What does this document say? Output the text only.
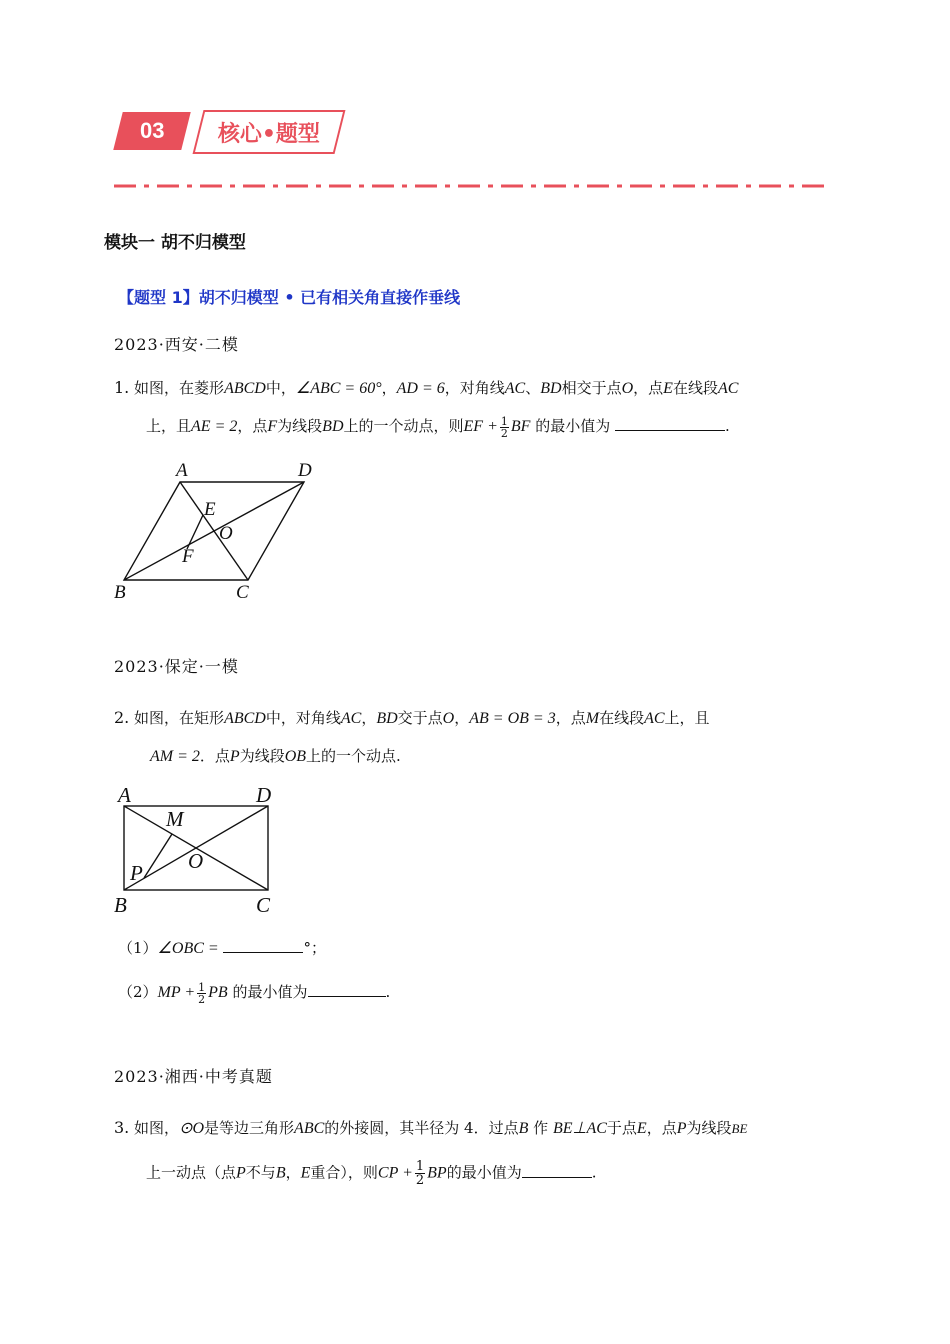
03 核心•题型
模块一 胡不归模型
【题型 1】胡不归模型 • 已有相关角直接作垂线
2023·西安·二模
1. 如图，在菱形ABCD中，∠ABC = 60°，AD = 6，对角线AC、BD相交于点O，点E在线段AC
上，且AE = 2，点F为线段BD上的一个动点，则EF + $\frac{1}{2}$ BF 的最小值为	.
A	D
B	C
E
O
F
2023·保定·一模
2. 如图，在矩形ABCD中，对角线AC，BD交于点O，AB = OB = 3，点M在线段AC上，且
AM = 2．点P为线段OB上的一个动点.
A	D
B	C
M
O
P
（1）∠OBC =	°；
$(2)MP + \frac{1}{2}$ PB 的最小值为	.
2023·湘西·中考真题
3. 如图，⊙O是等边三角形ABC的外接圆，其半径为 4．过点B 作 BE⊥AC于点E，点P为线段BE
上一动点（点P不与B，E重合），则CP + $\frac{1}{2}$ BP的最小值为	.
